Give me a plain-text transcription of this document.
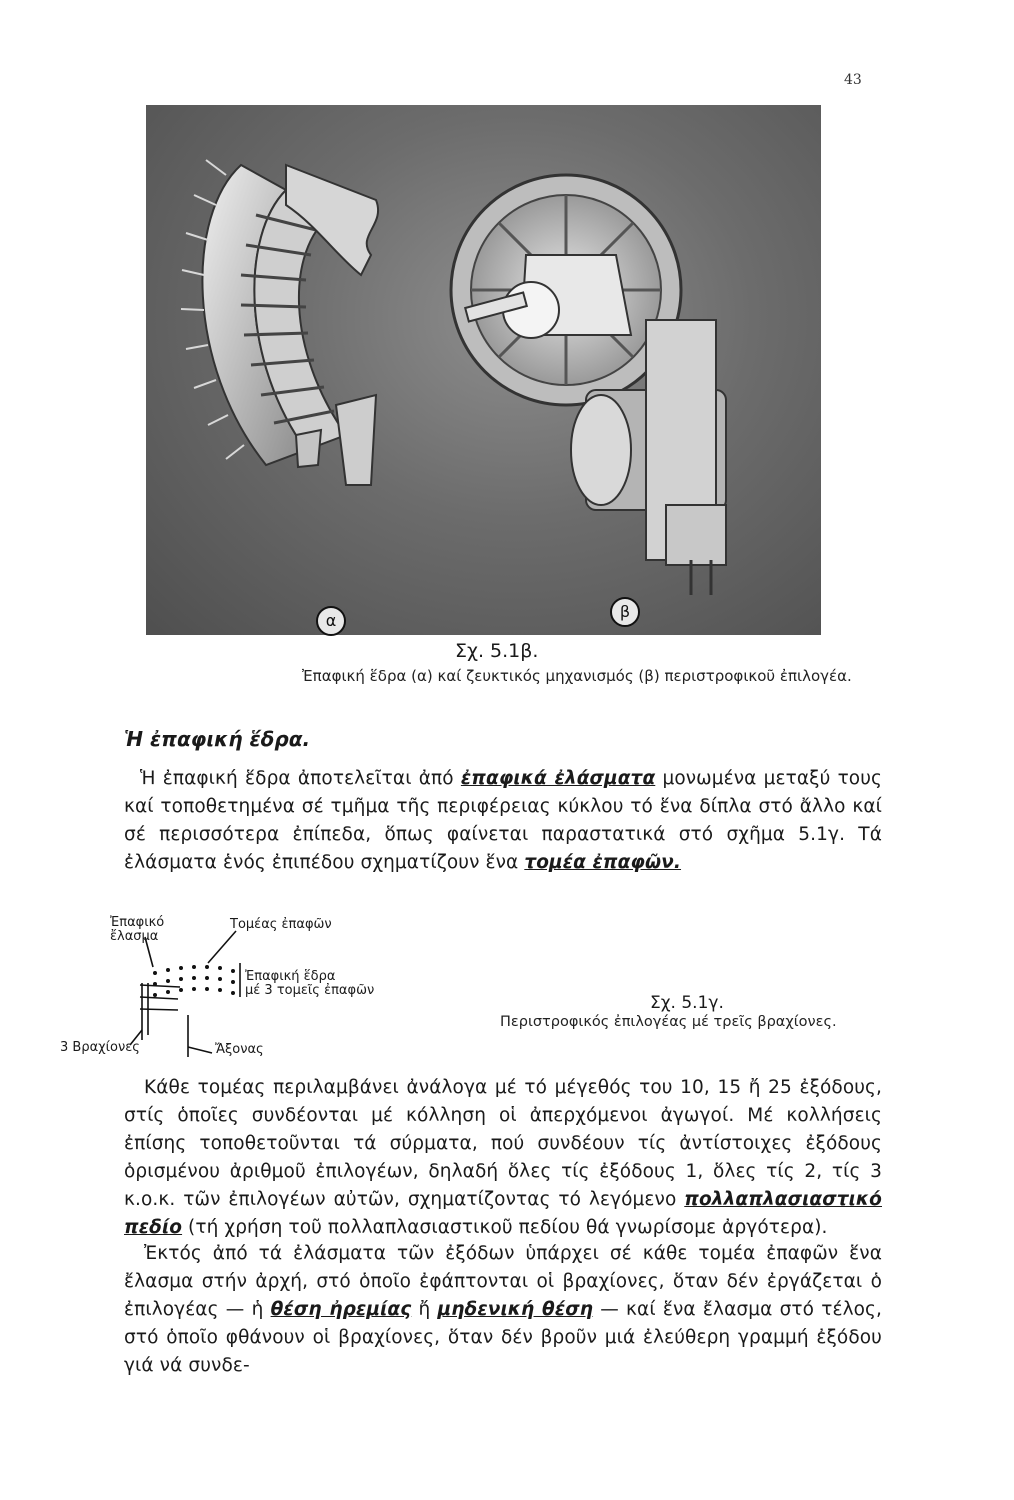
43
α	β
Σχ. 5.1β.
Ἐπαφική ἕδρα (α) καί ζευκτικός μηχανισμός (β) περιστροφικοῦ ἐπιλογέα.
Ἡ ἐπαφική ἕδρα.
Ἡ ἐπαφική ἕδρα ἀποτελεῖται ἀπό ἐπαφικά ἐλάσματα μονωμένα μεταξύ τους καί τοποθετημένα σέ τμῆμα τῆς περιφέρειας κύκλου τό ἕνα δίπλα στό ἄλλο καί σέ περισσότερα ἐπίπεδα, ὅπως φαίνεται παραστατικά στό σχῆμα 5.1γ. Τά ἐλάσματα ἑνός ἐπιπέδου σχηματίζουν ἕνα τομέα ἐπαφῶν.
Ἐπαφικό
ἔλασμα
Τομέας ἐπαφῶν
Ἐπαφική ἕδρα
μέ 3 τομεῖς ἐπαφῶν
3 Βραχίονες	Ἄξονας
Σχ. 5.1γ.
Περιστροφικός ἐπιλογέας μέ τρεῖς βραχίονες.
Κάθε τομέας περιλαμβάνει ἀνάλογα μέ τό μέγεθός του 10, 15 ἤ 25 ἐξόδους, στίς ὁποῖες συνδέονται μέ κόλληση οἱ ἀπερχόμενοι ἀγωγοί. Μέ κολλήσεις ἐπίσης τοποθετοῦνται τά σύρματα, πού συνδέουν τίς ἀντίστοιχες ἐξόδους ὁρισμένου ἀριθμοῦ ἐπιλογέων, δηλαδή ὅλες τίς ἐξόδους 1, ὅλες τίς 2, τίς 3 κ.ο.κ. τῶν ἐπιλογέων αὐτῶν, σχηματίζοντας τό λεγόμενο πολλαπλασιαστικό πεδίο (τή χρήση τοῦ πολλαπλασιαστικοῦ πεδίου θά γνωρίσομε ἀργότερα).
Ἐκτός ἀπό τά ἐλάσματα τῶν ἐξόδων ὑπάρχει σέ κάθε τομέα ἐπαφῶν ἕνα ἔλασμα στήν ἀρχή, στό ὁποῖο ἐφάπτονται οἱ βραχίονες, ὅταν δέν ἐργάζεται ὁ ἐπιλογέας — ἡ θέση ἠρεμίας ἤ μηδενική θέση — καί ἕνα ἔλασμα στό τέλος, στό ὁποῖο φθάνουν οἱ βραχίονες, ὅταν δέν βροῦν μιά ἐλεύθερη γραμμή ἐξόδου γιά νά συνδε-
